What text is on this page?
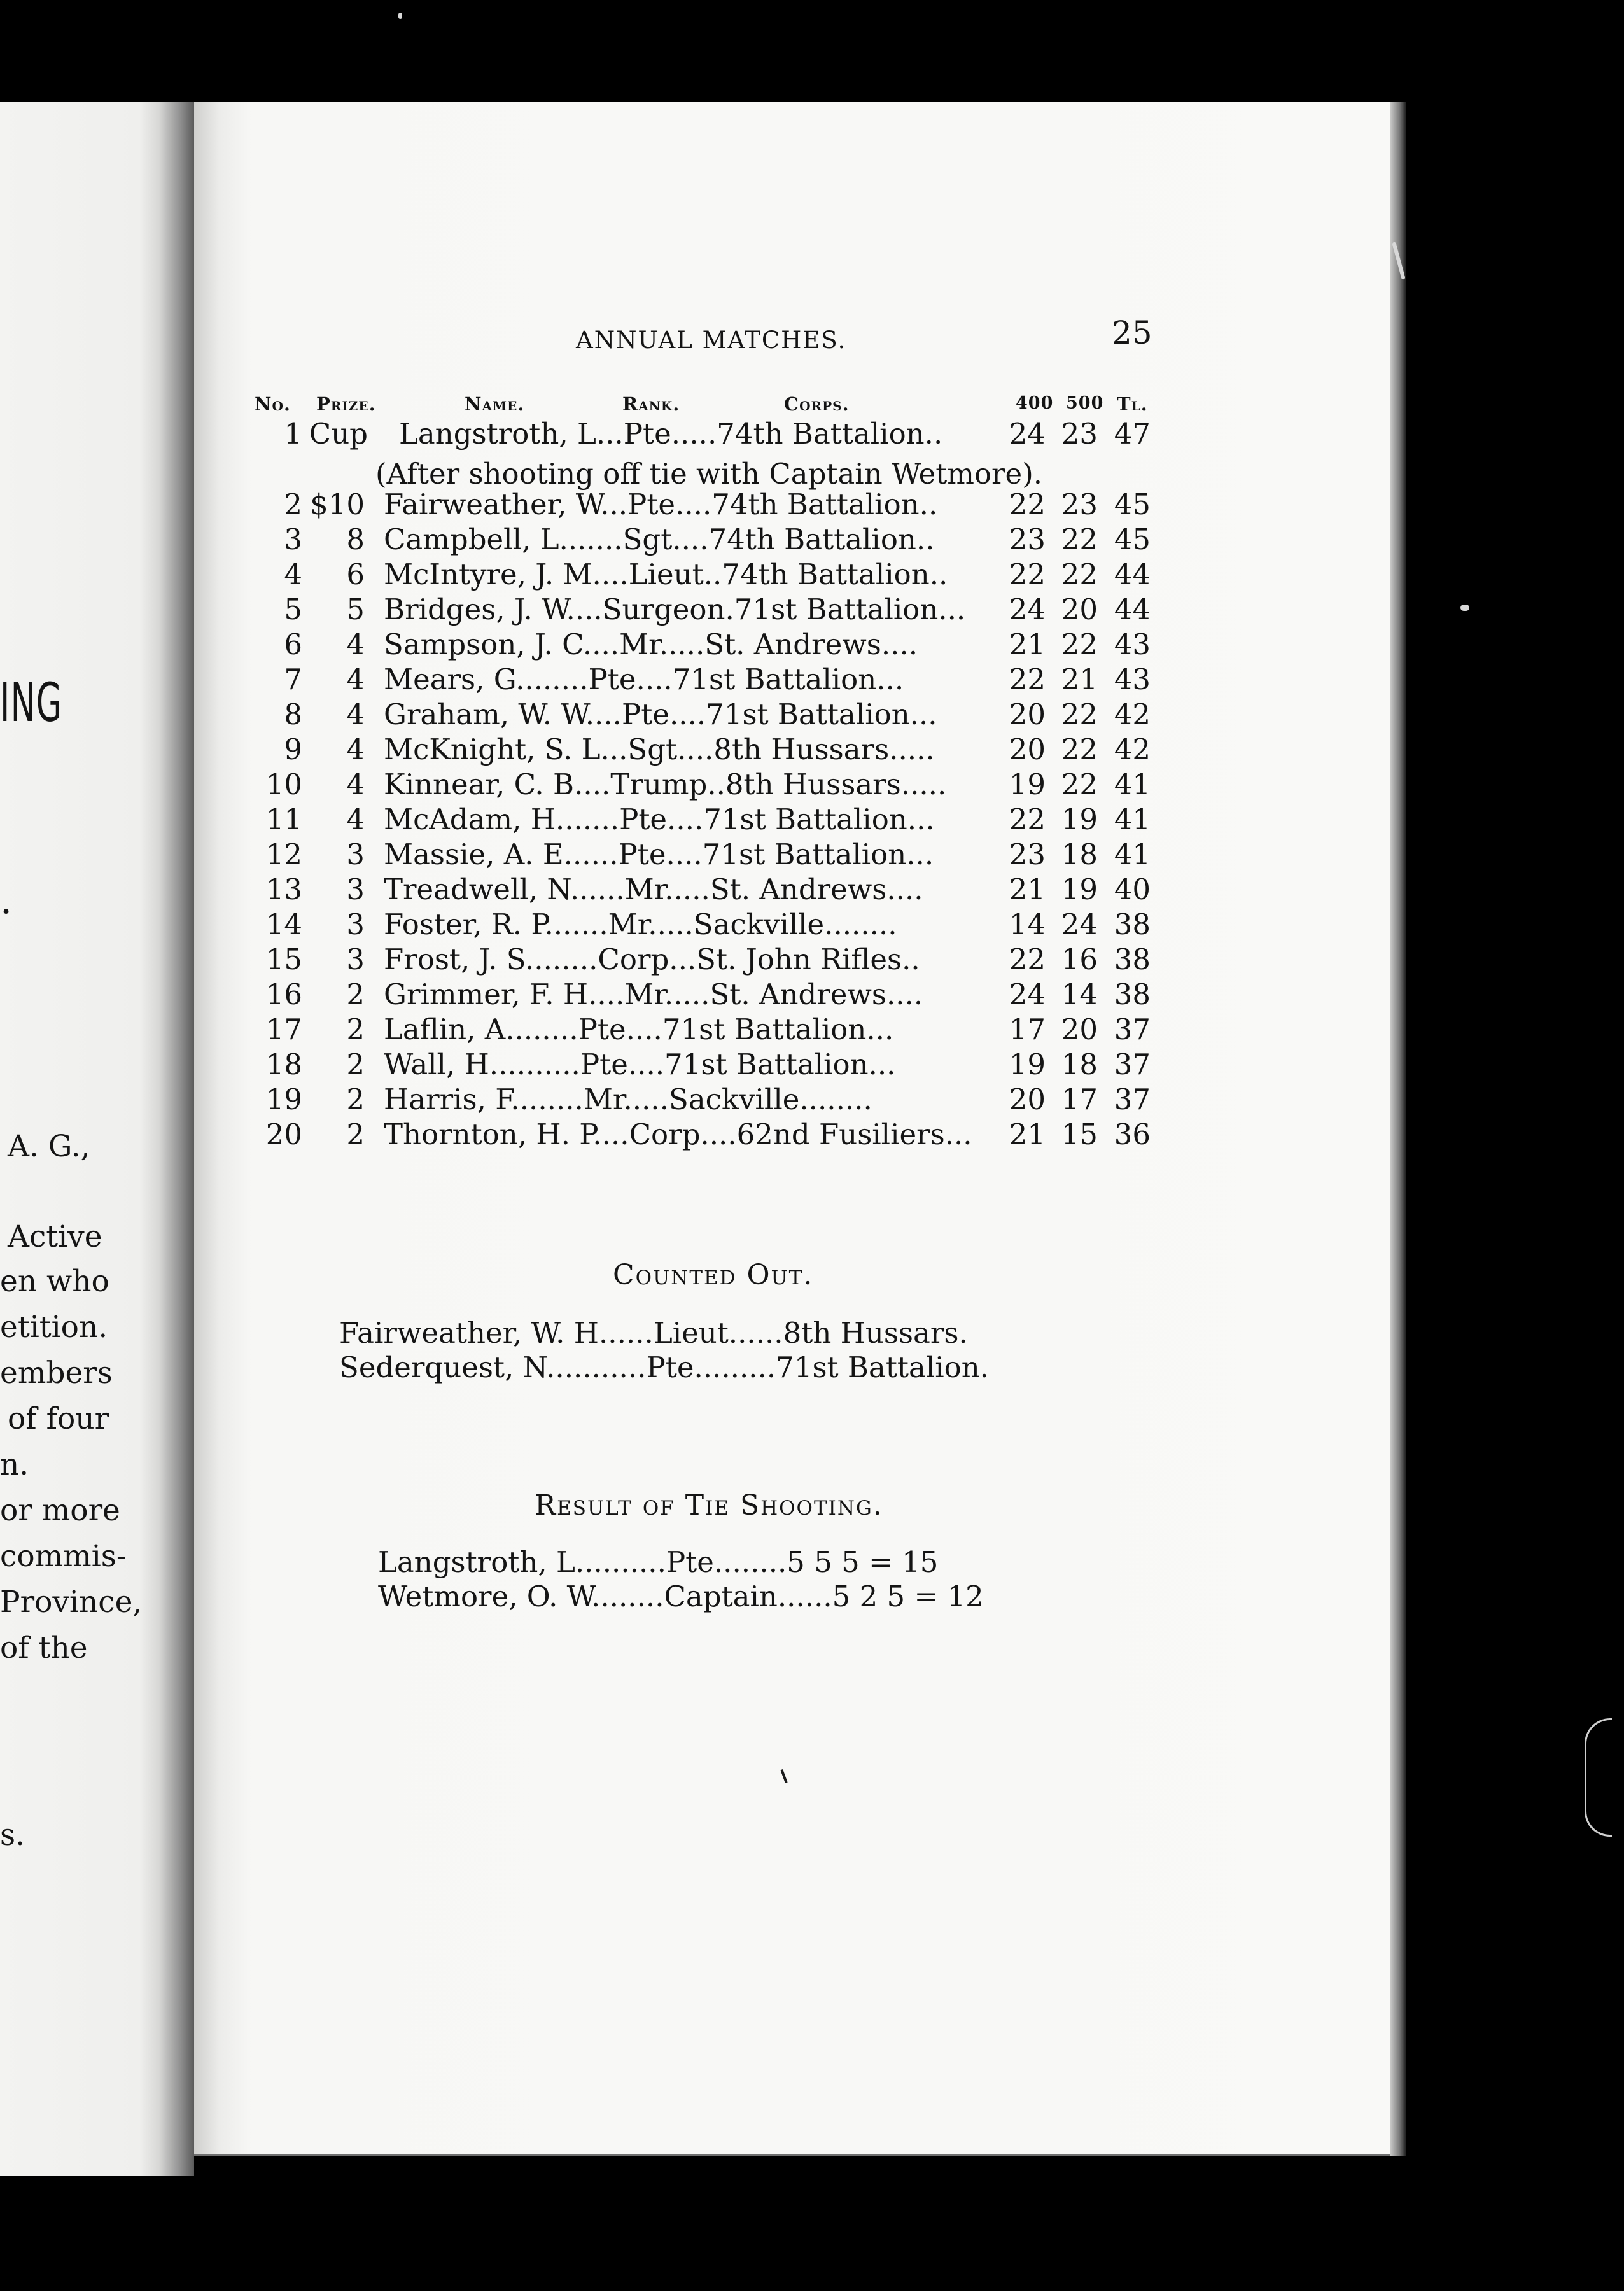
ING
.
A. G.,
Active
en who
etition.
embers
of four
n.
or more
commis-
Province,
of the
s.
ANNUAL MATCHES.	25
No. Prize.	Name.	Rank.	Corps.	400 500 Tl.
1 Cup Langstroth, L...Pte.....74th Battalion..	24 23 47
(After shooting off tie with Captain Wetmore).
2 $10 Fairweather, W...Pte....74th Battalion..	22 23 45
3	8 Campbell, L.......Sgt....74th Battalion..	23 22 45
4	6 McIntyre, J. M....Lieut..74th Battalion..	22 22 44
5	5 Bridges, J. W....Surgeon.71st Battalion...	24 20 44
6	4 Sampson, J. C....Mr.....St. Andrews....	21 22 43
7	4 Mears, G........Pte....71st Battalion...	22 21 43
8	4 Graham, W. W....Pte....71st Battalion...	20 22 42
9	4 McKnight, S. L...Sgt....8th Hussars.....	20 22 42
10	4 Kinnear, C. B....Trump..8th Hussars.....	19 22 41
11	4 McAdam, H.......Pte....71st Battalion...	22 19 41
12	3 Massie, A. E......Pte....71st Battalion...	23 18 41
13	3 Treadwell, N......Mr.....St. Andrews....	21 19 40
14	3 Foster, R. P.......Mr.....Sackville........	14 24 38
15	3 Frost, J. S........Corp...St. John Rifles..	22 16 38
16	2 Grimmer, F. H....Mr.....St. Andrews....	24 14 38
17	2 Laflin, A........Pte....71st Battalion...	17 20 37
18	2 Wall, H..........Pte....71st Battalion...	19 18 37
19	2 Harris, F........Mr.....Sackville........	20 17 37
20	2 Thornton, H. P....Corp....62nd Fusiliers...	21 15 36
Counted Out.
Fairweather, W. H......Lieut......8th Hussars.
Sederquest, N...........Pte.........71st Battalion.
Result of Tie Shooting.
Langstroth, L..........Pte........5 5 5 = 15
Wetmore, O. W........Captain......5 2 5 = 12
